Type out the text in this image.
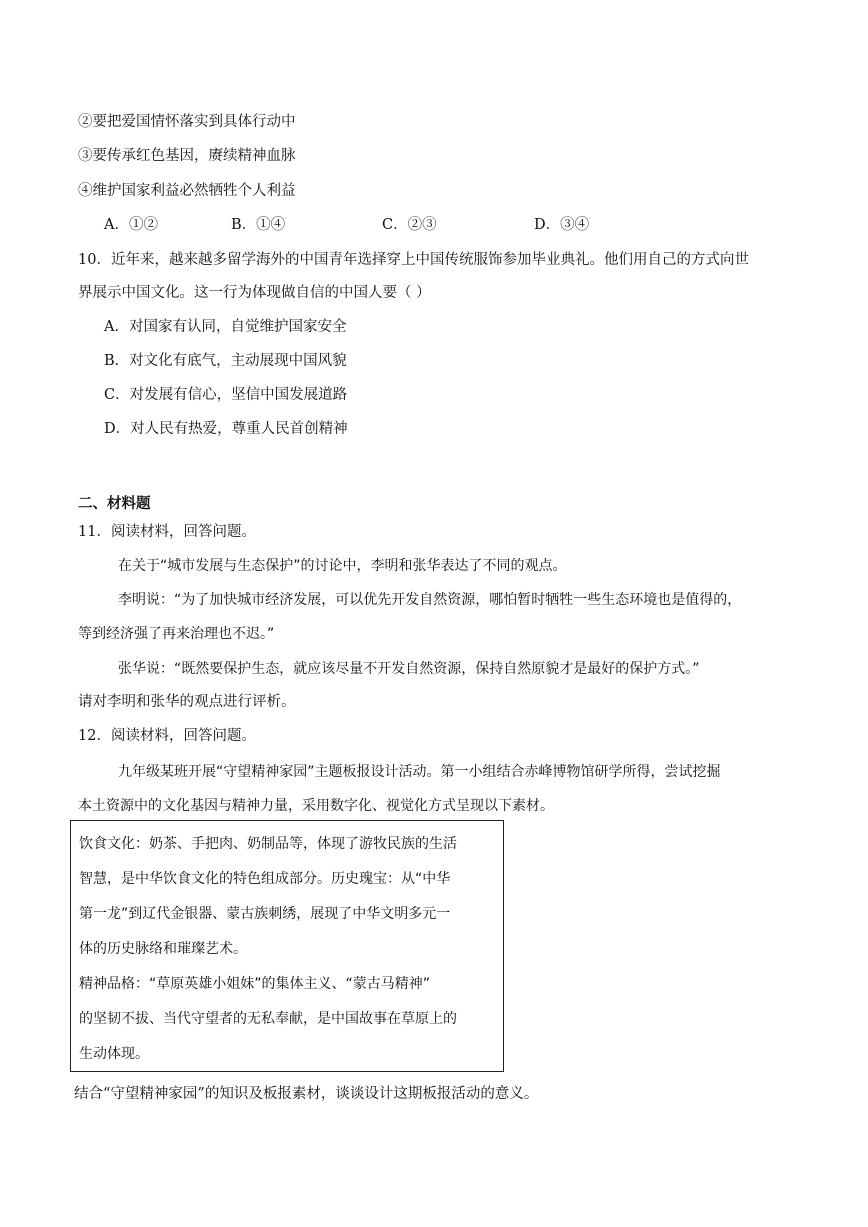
②要把爱国情怀落实到具体行动中
③要传承红色基因，赓续精神血脉
④维护国家利益必然牺牲个人利益
A．①②	B．①④	C．②③	D．③④
10．近年来，越来越多留学海外的中国青年选择穿上中国传统服饰参加毕业典礼。他们用自己的方式向世
界展示中国文化。这一行为体现做自信的中国人要（ ）
A．对国家有认同，自觉维护国家安全
B．对文化有底气，主动展现中国风貌
C．对发展有信心，坚信中国发展道路
D．对人民有热爱，尊重人民首创精神
二、材料题
11．阅读材料，回答问题。
在关于“城市发展与生态保护”的讨论中，李明和张华表达了不同的观点。
李明说：“为了加快城市经济发展，可以优先开发自然资源，哪怕暂时牺牲一些生态环境也是值得的，
等到经济强了再来治理也不迟。”
张华说：“既然要保护生态，就应该尽量不开发自然资源，保持自然原貌才是最好的保护方式。”
请对李明和张华的观点进行评析。
12．阅读材料，回答问题。
九年级某班开展“守望精神家园”主题板报设计活动。第一小组结合赤峰博物馆研学所得，尝试挖掘
本土资源中的文化基因与精神力量，采用数字化、视觉化方式呈现以下素材。
饮食文化：奶茶、手把肉、奶制品等，体现了游牧民族的生活
智慧，是中华饮食文化的特色组成部分。历史瑰宝：从“中华
第一龙”到辽代金银器、蒙古族刺绣，展现了中华文明多元一
体的历史脉络和璀璨艺术。
精神品格：“草原英雄小姐妹”的集体主义、“蒙古马精神”
的坚韧不拔、当代守望者的无私奉献，是中国故事在草原上的
生动体现。
结合“守望精神家园”的知识及板报素材，谈谈设计这期板报活动的意义。
